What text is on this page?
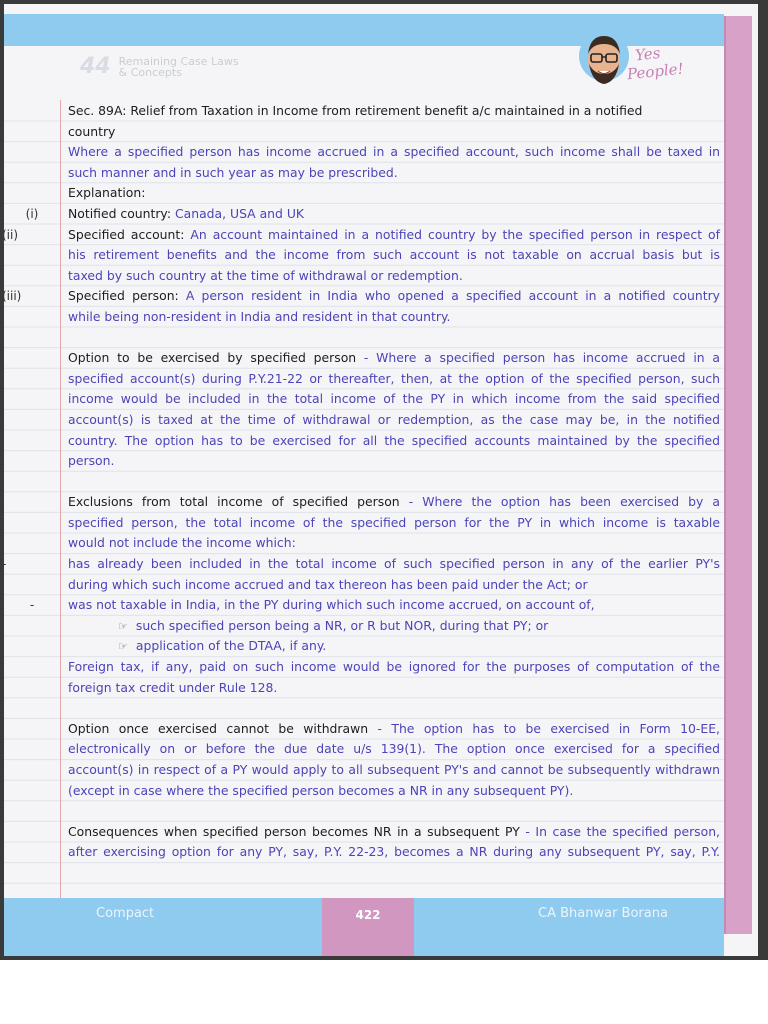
44 Remaining Case Laws
& Concepts
Yes
People!
Sec. 89A: Relief from Taxation in Income from retirement benefit a/c maintained in a notified
country
Where a specified person has income accrued in a specified account, such income shall be taxed in
such manner and in such year as may be prescribed.
Explanation:
(i)	Notified country: Canada, USA and UK
(ii)	Specified account: An account maintained in a notified country by the specified person in respect of
his retirement benefits and the income from such account is not taxable on accrual basis but is
taxed by such country at the time of withdrawal or redemption.
(iii)	Specified person: A person resident in India who opened a specified account in a notified country
while being non-resident in India and resident in that country.
Option to be exercised by specified person - Where a specified person has income accrued in a
specified account(s) during P.Y.21-22 or thereafter, then, at the option of the specified person, such
income would be included in the total income of the PY in which income from the said specified
account(s) is taxed at the time of withdrawal or redemption, as the case may be, in the notified
country. The option has to be exercised for all the specified accounts maintained by the specified
person.
Exclusions from total income of specified person - Where the option has been exercised by a
specified person, the total income of the specified person for the PY in which income is taxable
would not include the income which:
-	has already been included in the total income of such specified person in any of the earlier PY's
during which such income accrued and tax thereon has been paid under the Act; or
-	was not taxable in India, in the PY during which such income accrued, on account of,
☞ such specified person being a NR, or R but NOR, during that PY; or
☞ application of the DTAA, if any.
Foreign tax, if any, paid on such income would be ignored for the purposes of computation of the
foreign tax credit under Rule 128.
Option once exercised cannot be withdrawn - The option has to be exercised in Form 10-EE,
electronically on or before the due date u/s 139(1). The option once exercised for a specified
account(s) in respect of a PY would apply to all subsequent PY's and cannot be subsequently withdrawn
(except in case where the specified person becomes a NR in any subsequent PY).
Consequences when specified person becomes NR in a subsequent PY - In case the specified person,
after exercising option for any PY, say, P.Y. 22-23, becomes a NR during any subsequent PY, say, P.Y.
Compact	422	CA Bhanwar Borana
